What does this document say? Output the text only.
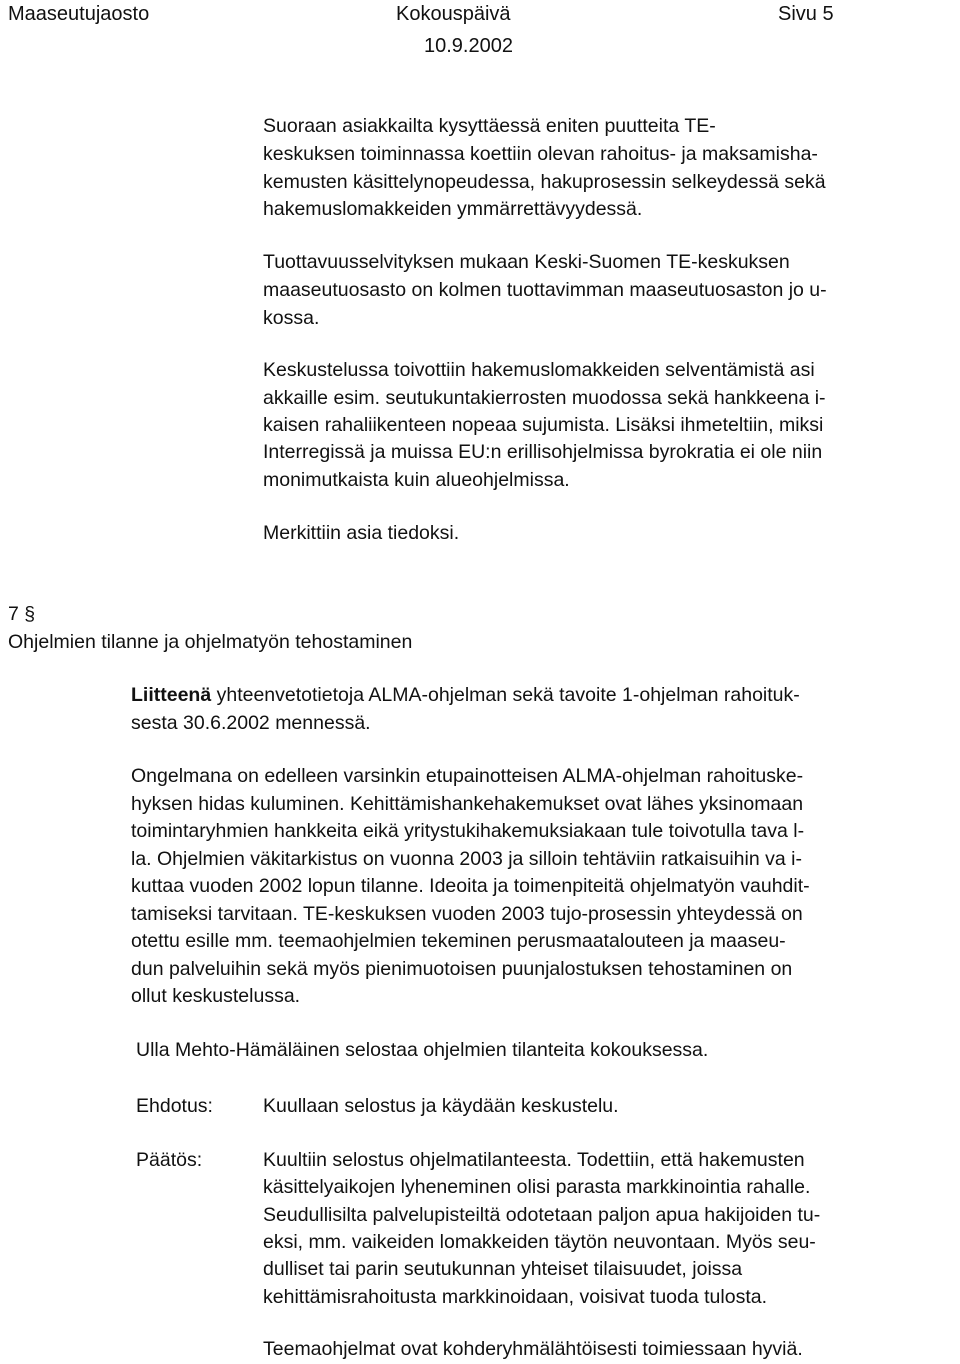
Maaseutujaosto	Kokouspäivä	Sivu 5
10.9.2002
Suoraan asiakkailta kysyttäessä eniten puutteita TE-
keskuksen toiminnassa koettiin olevan rahoitus- ja maksamisha-
kemusten käsittelynopeudessa, hakuprosessin selkeydessä sekä
hakemuslomakkeiden ymmärrettävyydessä.
Tuottavuusselvityksen mukaan Keski-Suomen TE-keskuksen
maaseutuosasto on kolmen tuottavimman maaseutuosaston jo u-
kossa.
Keskustelussa toivottiin hakemuslomakkeiden selventämistä asi
akkaille esim. seutukuntakierrosten muodossa sekä hankkeena i-
kaisen rahaliikenteen nopeaa sujumista. Lisäksi ihmeteltiin, miksi
Interregissä ja muissa EU:n erillisohjelmissa byrokratia ei ole niin
monimutkaista kuin alueohjelmissa.
Merkittiin asia tiedoksi.
7 §
Ohjelmien tilanne ja ohjelmatyön tehostaminen
Liitteenä yhteenvetotietoja ALMA-ohjelman sekä tavoite 1-ohjelman rahoituk-
sesta 30.6.2002 mennessä.
Ongelmana on edelleen varsinkin etupainotteisen ALMA-ohjelman rahoituske-
hyksen hidas kuluminen. Kehittämishankehakemukset ovat lähes yksinomaan
toimintaryhmien hankkeita eikä yritystukihakemuksiakaan tule toivotulla tava l-
la. Ohjelmien väkitarkistus on vuonna 2003 ja silloin tehtäviin ratkaisuihin va i-
kuttaa vuoden 2002 lopun tilanne. Ideoita ja toimenpiteitä ohjelmatyön vauhdit-
tamiseksi tarvitaan. TE-keskuksen vuoden 2003 tujo-prosessin yhteydessä on
otettu esille mm. teemaohjelmien tekeminen perusmaatalouteen ja maaseu-
dun palveluihin sekä myös pienimuotoisen puunjalostuksen tehostaminen on
ollut keskustelussa.
Ulla Mehto-Hämäläinen selostaa ohjelmien tilanteita kokouksessa.
Ehdotus:	Kuullaan selostus ja käydään keskustelu.
Päätös:	Kuultiin selostus ohjelmatilanteesta. Todettiin, että hakemusten
käsittelyaikojen lyheneminen olisi parasta markkinointia rahalle.
Seudullisilta palvelupisteiltä odotetaan paljon apua hakijoiden tu-
eksi, mm. vaikeiden lomakkeiden täytön neuvontaan. Myös seu-
dulliset tai parin seutukunnan yhteiset tilaisuudet, joissa
kehittämisrahoitusta markkinoidaan, voisivat tuoda tulosta.
Teemaohjelmat ovat kohderyhmälähtöisesti toimiessaan hyviä.
